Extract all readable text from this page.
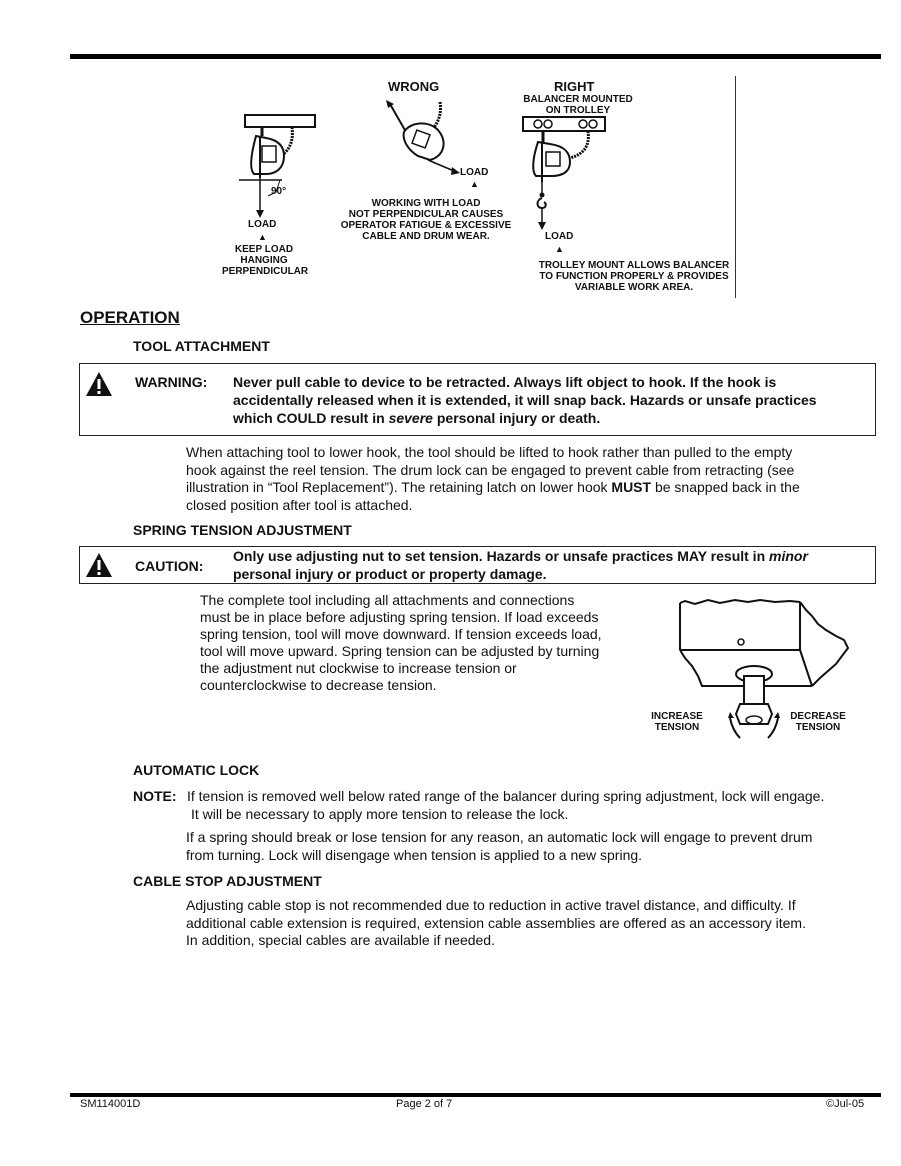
90°
LOAD
▲
KEEP LOAD
HANGING
PERPENDICULAR
WRONG
LOAD
▲
WORKING WITH LOAD
NOT PERPENDICULAR CAUSES
OPERATOR FATIGUE & EXCESSIVE
CABLE AND DRUM WEAR.
RIGHT
BALANCER MOUNTED
ON TROLLEY
LOAD
▲
TROLLEY MOUNT ALLOWS BALANCER
TO FUNCTION PROPERLY & PROVIDES
VARIABLE WORK AREA.
OPERATION
TOOL ATTACHMENT
WARNING: Never pull cable to device to be retracted. Always lift object to hook. If the hook is
accidentally released when it is extended, it will snap back. Hazards or unsafe practices
which COULD result in severe personal injury or death.
When attaching tool to lower hook, the tool should be lifted to hook rather than pulled to the empty
hook against the reel tension. The drum lock can be engaged to prevent cable from retracting (see
illustration in “Tool Replacement”). The retaining latch on lower hook MUST be snapped back in the
closed position after tool is attached.
SPRING TENSION ADJUSTMENT
CAUTION:
Only use adjusting nut to set tension. Hazards or unsafe practices MAY result in minor
personal injury or product or property damage.
The complete tool including all attachments and connections
must be in place before adjusting spring tension. If load exceeds
spring tension, tool will move downward. If tension exceeds load,
tool will move upward. Spring tension can be adjusted by turning
the adjustment nut clockwise to increase tension or
counterclockwise to decrease tension.
INCREASE
TENSION
DECREASE
TENSION
AUTOMATIC LOCK
NOTE: If tension is removed well below rated range of the balancer during spring adjustment, lock will engage.
It will be necessary to apply more tension to release the lock.
If a spring should break or lose tension for any reason, an automatic lock will engage to prevent drum
from turning. Lock will disengage when tension is applied to a new spring.
CABLE STOP ADJUSTMENT
Adjusting cable stop is not recommended due to reduction in active travel distance, and difficulty. If
additional cable extension is required, extension cable assemblies are offered as an accessory item.
In addition, special cables are available if needed.
SM114001D	Page 2 of 7	©Jul-05
